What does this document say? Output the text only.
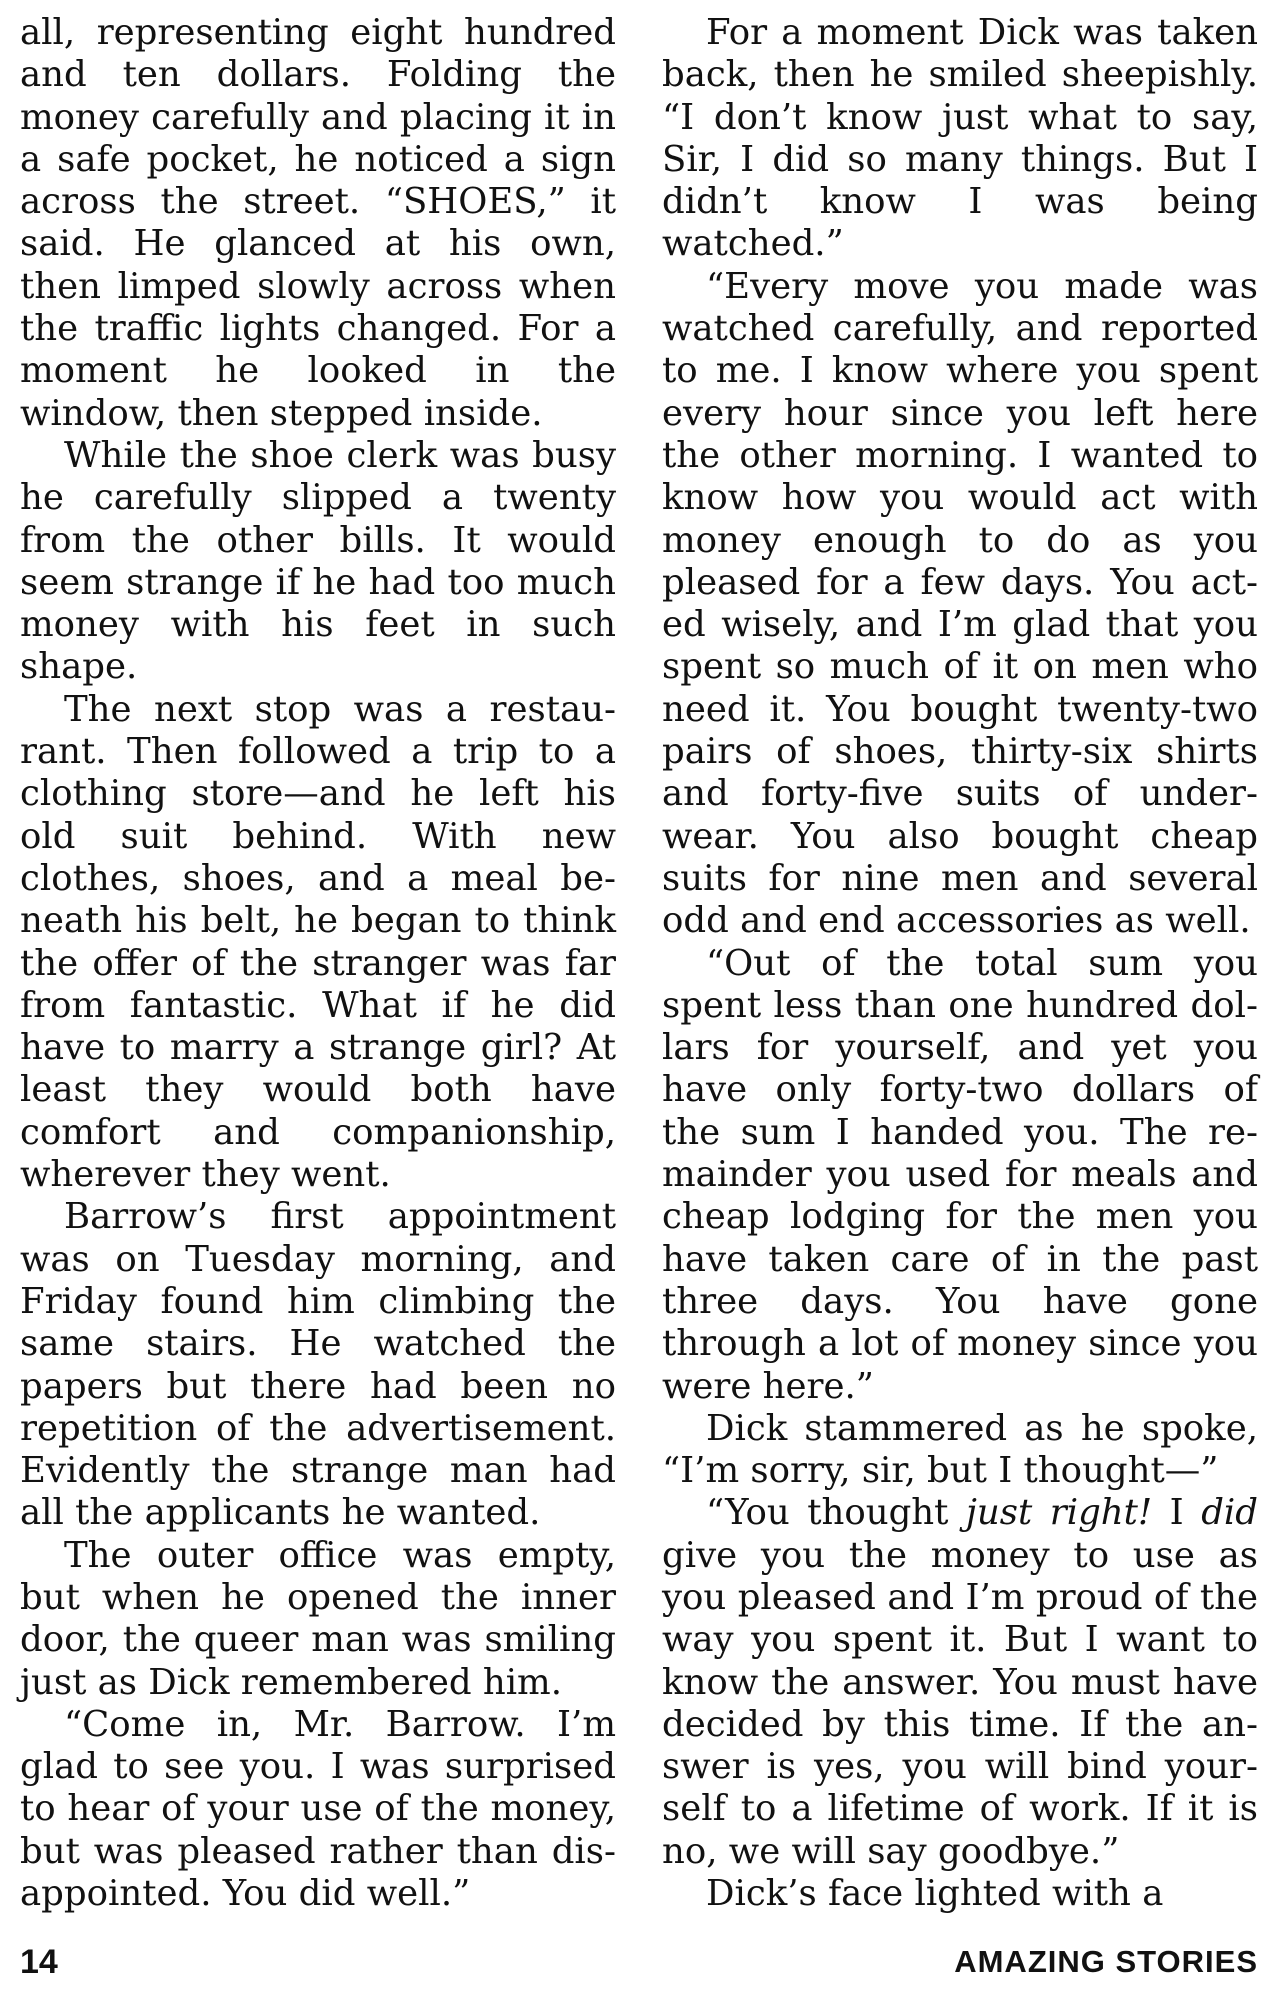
all, representing eight hundred and ten dollars. Folding the money carefully and placing it in a safe pocket, he noticed a sign across the street. “SHOES,” it said. He glanced at his own, then limped slowly across when the traffic lights changed. For a moment he looked in the window, then stepped inside.

While the shoe clerk was busy he carefully slipped a twenty from the other bills. It would seem strange if he had too much money with his feet in such shape.

The next stop was a restaurant. Then followed a trip to a clothing store—and he left his old suit behind. With new clothes, shoes, and a meal beneath his belt, he began to think the offer of the stranger was far from fantastic. What if he did have to marry a strange girl? At least they would both have comfort and companionship, wherever they went.

Barrow’s first appointment was on Tuesday morning, and Friday found him climbing the same stairs. He watched the papers but there had been no repetition of the advertisement. Evidently the strange man had all the applicants he wanted.

The outer office was empty, but when he opened the inner door, the queer man was smiling just as Dick remembered him.

“Come in, Mr. Barrow. I’m glad to see you. I was surprised to hear of your use of the money, but was pleased rather than disappointed. You did well.”

For a moment Dick was taken back, then he smiled sheepishly. “I don’t know just what to say, Sir, I did so many things. But I didn’t know I was being watched.”

“Every move you made was watched carefully, and reported to me. I know where you spent every hour since you left here the other morning. I wanted to know how you would act with money enough to do as you pleased for a few days. You acted wisely, and I’m glad that you spent so much of it on men who need it. You bought twenty-two pairs of shoes, thirty-six shirts and forty-five suits of underwear. You also bought cheap suits for nine men and several odd and end accessories as well.

“Out of the total sum you spent less than one hundred dollars for yourself, and yet you have only forty-two dollars of the sum I handed you. The remainder you used for meals and cheap lodging for the men you have taken care of in the past three days. You have gone through a lot of money since you were here.”

Dick stammered as he spoke, “I’m sorry, sir, but I thought—”

“You thought just right! I did give you the money to use as you pleased and I’m proud of the way you spent it. But I want to know the answer. You must have decided by this time. If the answer is yes, you will bind yourself to a lifetime of work. If it is no, we will say goodbye.”

Dick’s face lighted with a

14	AMAZING STORIES
